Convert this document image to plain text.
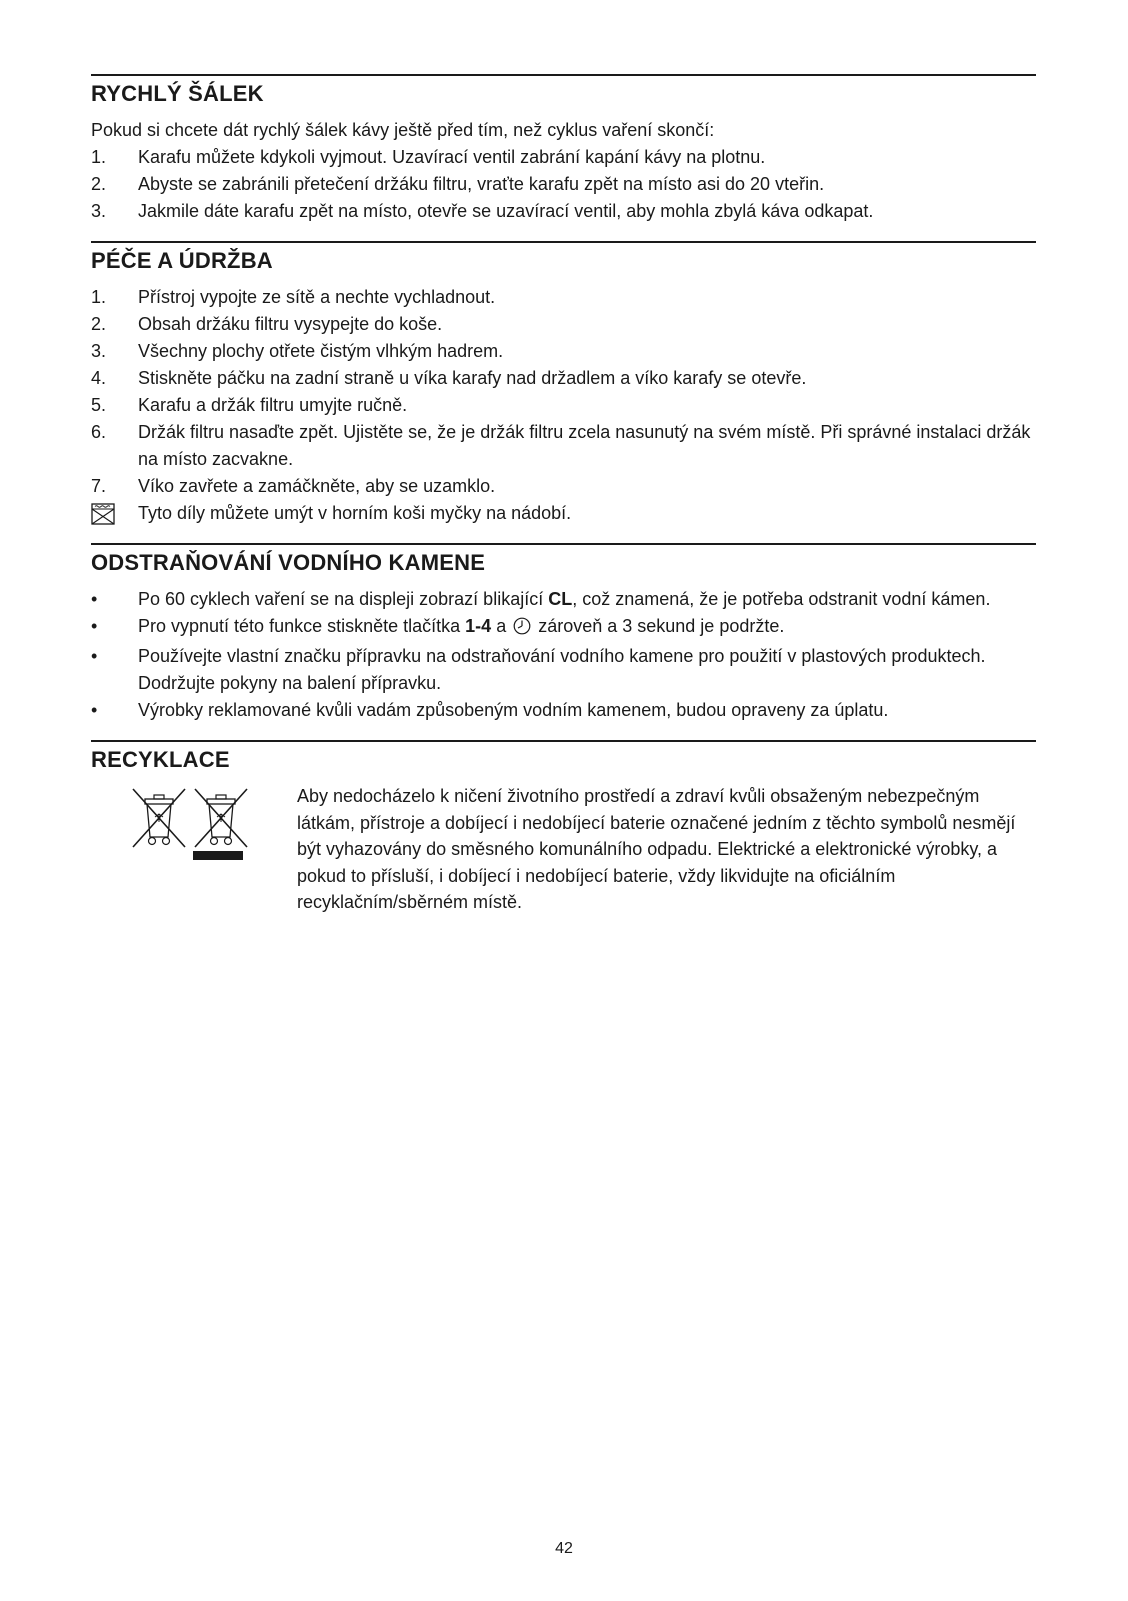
RYCHLÝ ŠÁLEK

Pokud si chcete dát rychlý šálek kávy ještě před tím, než cyklus vaření skončí:

1.	Karafu můžete kdykoli vyjmout. Uzavírací ventil zabrání kapání kávy na plotnu.
2.	Abyste se zabránili přetečení držáku filtru, vraťte karafu zpět na místo asi do 20 vteřin.
3.	Jakmile dáte karafu zpět na místo, otevře se uzavírací ventil, aby mohla zbylá káva odkapat.
PÉČE A ÚDRŽBA
1.	Přístroj vypojte ze sítě a nechte vychladnout.
2.	Obsah držáku filtru vysypejte do koše.
3.	Všechny plochy otřete čistým vlhkým hadrem.
4.	Stiskněte páčku na zadní straně u víka karafy nad držadlem a víko karafy se otevře.
5.	Karafu a držák filtru umyjte ručně.
6.	Držák filtru nasaďte zpět. Ujistěte se, že je držák filtru zcela nasunutý na svém místě. Při správné instalaci držák na místo zacvakne.
7.	Víko zavřete a zamáčkněte, aby se uzamklo.
Tyto díly můžete umýt v horním koši myčky na nádobí.
ODSTRAŇOVÁNÍ VODNÍHO KAMENE
•	Po 60 cyklech vaření se na displeji zobrazí blikající CL, což znamená, že je potřeba odstranit vodní kámen.
•	Pro vypnutí této funkce stiskněte tlačítka 1-4 a  zároveň a 3 sekund je podržte.
•	Používejte vlastní značku přípravku na odstraňování vodního kamene pro použití v plastových produktech. Dodržujte pokyny na balení přípravku.
•	Výrobky reklamované kvůli vadám způsobeným vodním kamenem, budou opraveny za úplatu.
RECYKLACE
Aby nedocházelo k ničení životního prostředí a zdraví kvůli obsaženým nebezpečným látkám, přístroje a dobíjecí i nedobíjecí baterie označené jedním z těchto symbolů nesmějí být vyhazovány do směsného komunálního odpadu. Elektrické a elektronické výrobky, a pokud to přísluší, i dobíjecí i nedobíjecí baterie, vždy likvidujte na oficiálním recyklačním/sběrném místě.
42
